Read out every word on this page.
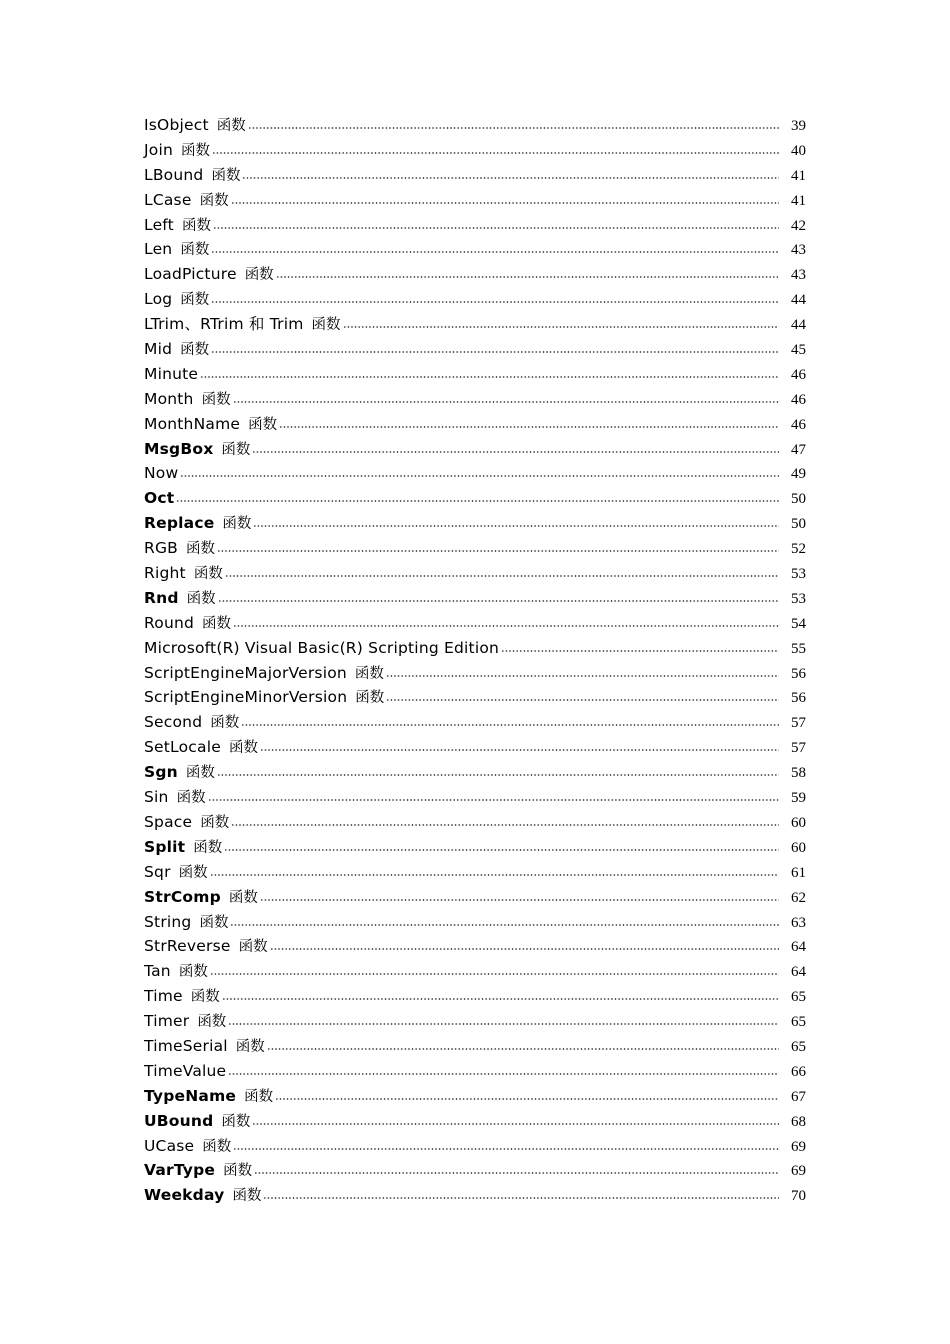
IsObject 函数	39
Join 函数	40
LBound 函数	41
LCase 函数	41
Left 函数	42
Len 函数	43
LoadPicture 函数	43
Log 函数	44
LTrim、RTrim 和 Trim 函数	44
Mid 函数	45
Minute	46
Month 函数	46
MonthName 函数	46
MsgBox 函数	47
Now	49
Oct	50
Replace 函数	50
RGB 函数	52
Right 函数	53
Rnd 函数	53
Round 函数	54
Microsoft(R) Visual Basic(R) Scripting Edition	55
ScriptEngineMajorVersion 函数	56
ScriptEngineMinorVersion 函数	56
Second 函数	57
SetLocale 函数	57
Sgn 函数	58
Sin 函数	59
Space 函数	60
Split 函数	60
Sqr 函数	61
StrComp 函数	62
String 函数	63
StrReverse 函数	64
Tan 函数	64
Time 函数	65
Timer 函数	65
TimeSerial 函数	65
TimeValue	66
TypeName 函数	67
UBound 函数	68
UCase 函数	69
VarType 函数	69
Weekday 函数	70
